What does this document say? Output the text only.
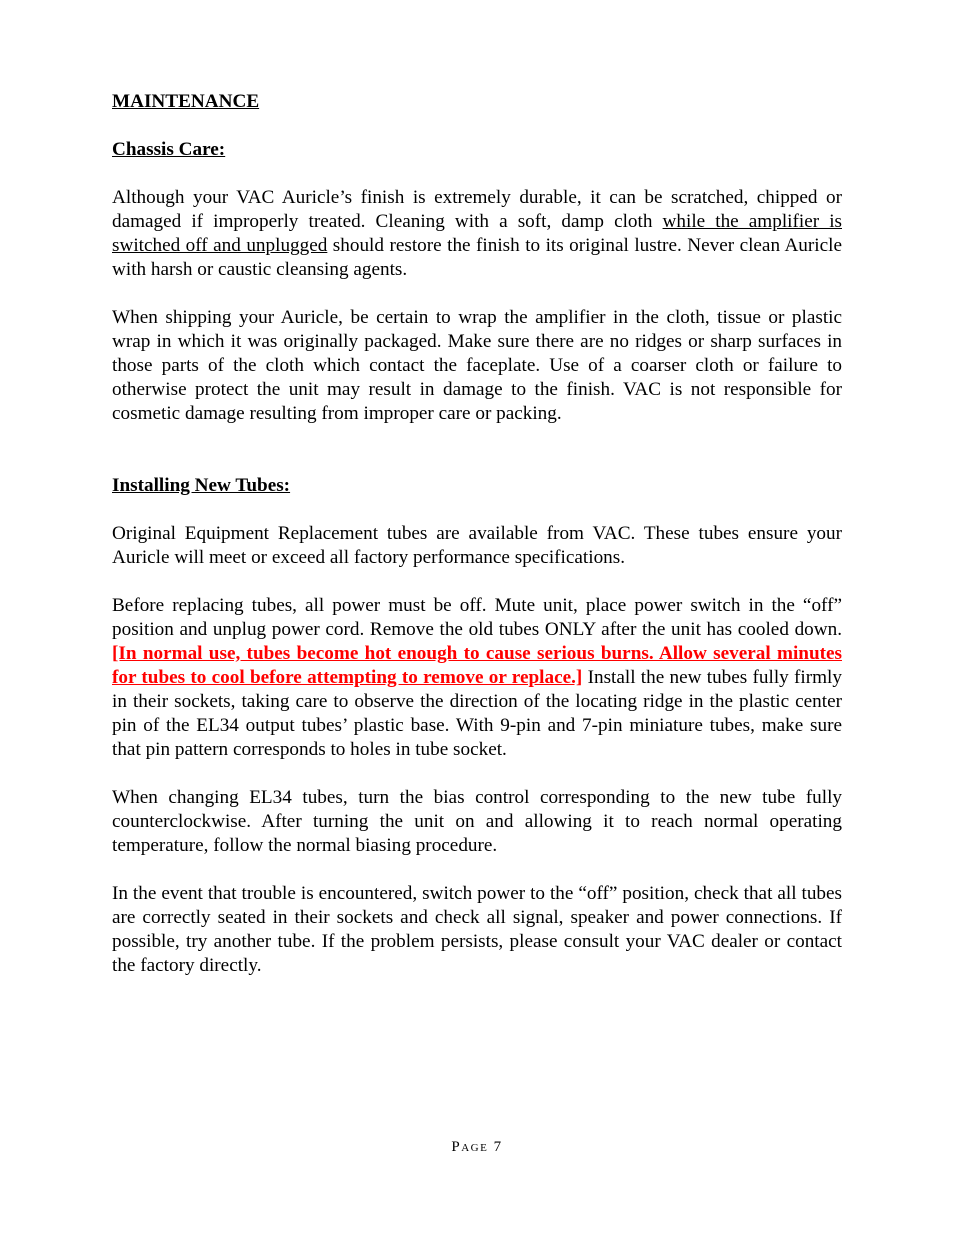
MAINTENANCE

Chassis Care:

Although your VAC Auricle’s finish is extremely durable, it can be scratched, chipped or damaged if improperly treated. Cleaning with a soft, damp cloth while the amplifier is switched off and unplugged should restore the finish to its original lustre. Never clean Auricle with harsh or caustic cleansing agents.

When shipping your Auricle, be certain to wrap the amplifier in the cloth, tissue or plastic wrap in which it was originally packaged. Make sure there are no ridges or sharp surfaces in those parts of the cloth which contact the faceplate. Use of a coarser cloth or failure to otherwise protect the unit may result in damage to the finish. VAC is not responsible for cosmetic damage resulting from improper care or packing.

Installing New Tubes:

Original Equipment Replacement tubes are available from VAC. These tubes ensure your Auricle will meet or exceed all factory performance specifications.

Before replacing tubes, all power must be off. Mute unit, place power switch in the “off” position and unplug power cord. Remove the old tubes ONLY after the unit has cooled down. [In normal use, tubes become hot enough to cause serious burns. Allow several minutes for tubes to cool before attempting to remove or replace.] Install the new tubes fully firmly in their sockets, taking care to observe the direction of the locating ridge in the plastic center pin of the EL34 output tubes’ plastic base. With 9-pin and 7-pin miniature tubes, make sure that pin pattern corresponds to holes in tube socket.

When changing EL34 tubes, turn the bias control corresponding to the new tube fully counterclockwise. After turning the unit on and allowing it to reach normal operating temperature, follow the normal biasing procedure.

In the event that trouble is encountered, switch power to the “off” position, check that all tubes are correctly seated in their sockets and check all signal, speaker and power connections. If possible, try another tube. If the problem persists, please consult your VAC dealer or contact the factory directly.

Page 7
